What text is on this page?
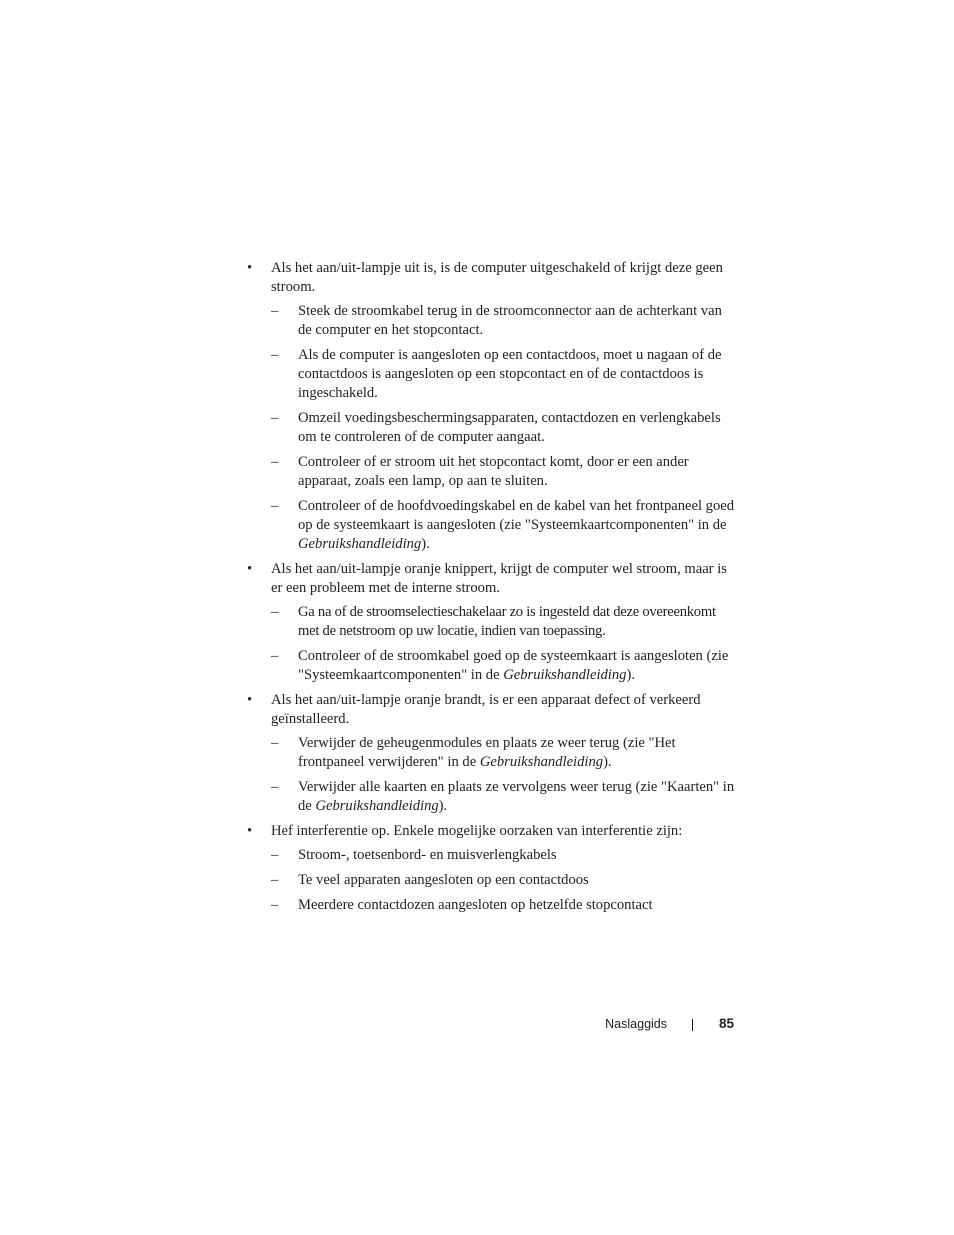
• Als het aan/uit-lampje uit is, is de computer uitgeschakeld of krijgt deze geen stroom.
– Steek de stroomkabel terug in de stroomconnector aan de achterkant van de computer en het stopcontact.
– Als de computer is aangesloten op een contactdoos, moet u nagaan of de contactdoos is aangesloten op een stopcontact en of de contactdoos is ingeschakeld.
– Omzeil voedingsbeschermingsapparaten, contactdozen en verlengkabels om te controleren of de computer aangaat.
– Controleer of er stroom uit het stopcontact komt, door er een ander apparaat, zoals een lamp, op aan te sluiten.
– Controleer of de hoofdvoedingskabel en de kabel van het frontpaneel goed op de systeemkaart is aangesloten (zie "Systeemkaartcomponenten" in de Gebruikshandleiding).
• Als het aan/uit-lampje oranje knippert, krijgt de computer wel stroom, maar is er een probleem met de interne stroom.
– Ga na of de stroomselectieschakelaar zo is ingesteld dat deze overeenkomt met de netstroom op uw locatie, indien van toepassing.
– Controleer of de stroomkabel goed op de systeemkaart is aangesloten (zie "Systeemkaartcomponenten" in de Gebruikshandleiding).
• Als het aan/uit-lampje oranje brandt, is er een apparaat defect of verkeerd geïnstalleerd.
– Verwijder de geheugenmodules en plaats ze weer terug (zie "Het frontpaneel verwijderen" in de Gebruikshandleiding).
– Verwijder alle kaarten en plaats ze vervolgens weer terug (zie "Kaarten" in de Gebruikshandleiding).
• Hef interferentie op. Enkele mogelijke oorzaken van interferentie zijn:
– Stroom-, toetsenbord- en muisverlengkabels
– Te veel apparaten aangesloten op een contactdoos
– Meerdere contactdozen aangesloten op hetzelfde stopcontact
Naslaggids	85
